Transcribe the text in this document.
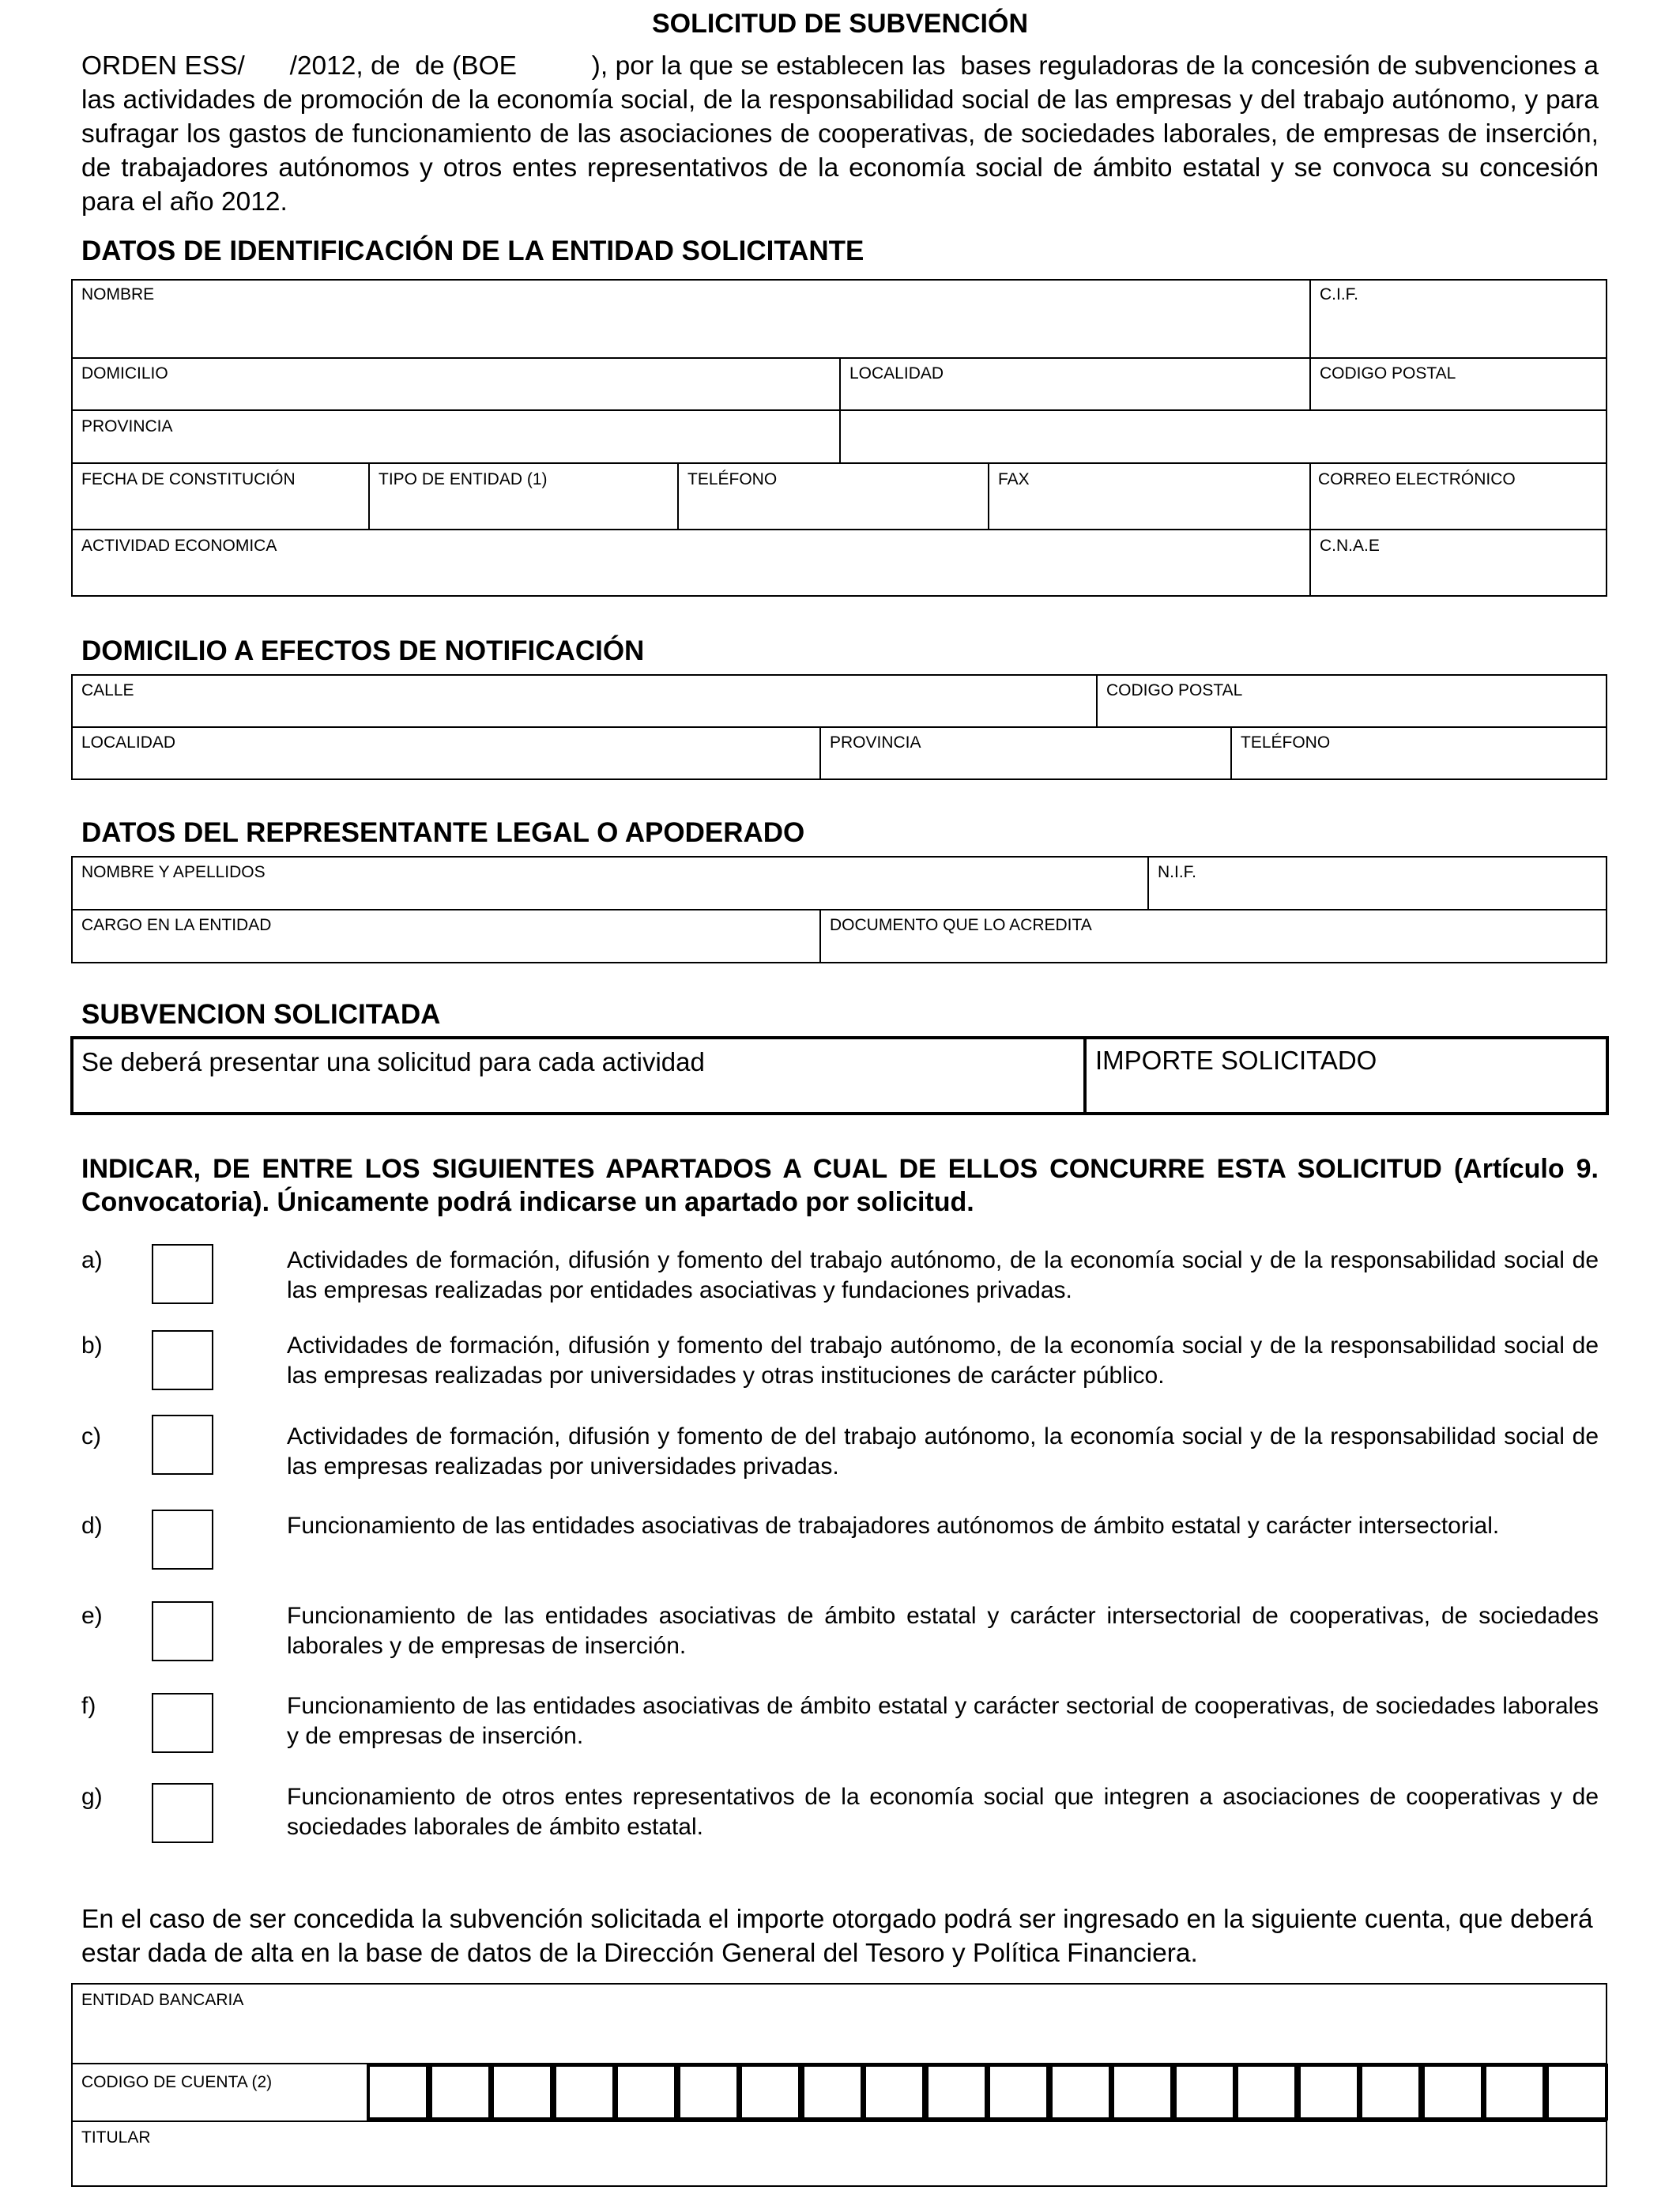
SOLICITUD DE SUBVENCIÓN
ORDEN ESS/      /2012, de  de (BOE          ), por la que se establecen las  bases reguladoras de la concesión de subvenciones a las actividades de promoción de la economía social, de la responsabilidad social de las empresas y del trabajo autónomo, y para sufragar los gastos de funcionamiento de las asociaciones de cooperativas, de sociedades laborales, de empresas de inserción, de trabajadores autónomos y otros entes representativos de la economía social de ámbito estatal y se convoca su concesión para el año 2012.
DATOS DE IDENTIFICACIÓN DE LA ENTIDAD SOLICITANTE
NOMBRE	C.I.F.
DOMICILIO	LOCALIDAD	CODIGO POSTAL
PROVINCIA
FECHA DE CONSTITUCIÓN	TIPO DE ENTIDAD (1)	TELÉFONO	FAX	CORREO ELECTRÓNICO
ACTIVIDAD ECONOMICA	C.N.A.E
DOMICILIO A EFECTOS DE NOTIFICACIÓN
CALLE	CODIGO POSTAL
LOCALIDAD	PROVINCIA	TELÉFONO
DATOS DEL REPRESENTANTE LEGAL O APODERADO
NOMBRE Y APELLIDOS	N.I.F.
CARGO EN LA ENTIDAD	DOCUMENTO QUE LO ACREDITA
SUBVENCION SOLICITADA
Se deberá presentar una solicitud para cada actividad	IMPORTE SOLICITADO
INDICAR, DE ENTRE LOS SIGUIENTES APARTADOS A CUAL DE ELLOS CONCURRE ESTA SOLICITUD (Artículo 9. Convocatoria). Únicamente podrá indicarse un apartado por solicitud.
a)	Actividades de formación, difusión y fomento del trabajo autónomo, de la economía social y de la responsabilidad social de las empresas realizadas por entidades asociativas y fundaciones privadas.
b)	Actividades de formación, difusión y fomento del trabajo autónomo, de la economía social y de la responsabilidad social de las empresas realizadas por universidades y otras instituciones de carácter público.
c)	Actividades de formación, difusión y fomento de del trabajo autónomo, la economía social y de la responsabilidad social de las empresas realizadas por universidades privadas.
d)	Funcionamiento de las entidades asociativas de trabajadores autónomos de ámbito estatal y carácter intersectorial.
e)	Funcionamiento de las entidades asociativas de ámbito estatal y carácter intersectorial de cooperativas, de sociedades laborales y de empresas de inserción.
f)	Funcionamiento de las entidades asociativas de ámbito estatal y carácter sectorial de cooperativas, de sociedades laborales y de empresas de inserción.
g)	Funcionamiento de otros entes representativos de la economía social que integren a asociaciones de cooperativas y de sociedades laborales de ámbito estatal.
En el caso de ser concedida la subvención solicitada el importe otorgado podrá ser ingresado en la siguiente cuenta, que deberá estar dada de alta en la base de datos de la Dirección General del Tesoro y Política Financiera.
ENTIDAD BANCARIA
CODIGO DE CUENTA (2)
TITULAR
